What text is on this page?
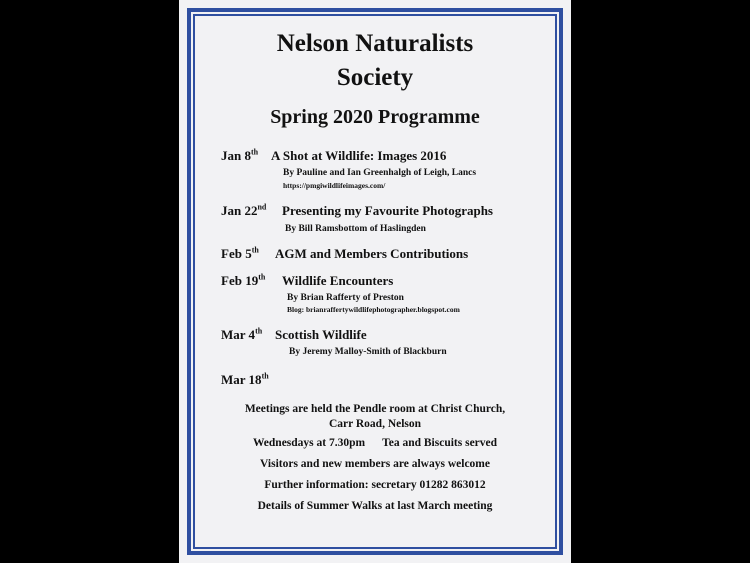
Nelson Naturalists
Society
Spring 2020 Programme
Jan 8th A Shot at Wildlife: Images 2016
By Pauline and Ian Greenhalgh of Leigh, Lancs
https://pmgiwildlifeimages.com/
Jan 22nd Presenting my Favourite Photographs
By Bill Ramsbottom of Haslingden
Feb 5th AGM and Members Contributions
Feb 19th Wildlife Encounters
By Brian Rafferty of Preston
Blog: brianraffertywildlifephotographer.blogspot.com
Mar 4th Scottish Wildlife
By Jeremy Malloy-Smith of Blackburn
Mar 18th
Meetings are held the Pendle room at Christ Church,
Carr Road, Nelson
Wednesdays at 7.30pm      Tea and Biscuits served
Visitors and new members are always welcome
Further information: secretary 01282 863012
Details of Summer Walks at last March meeting
